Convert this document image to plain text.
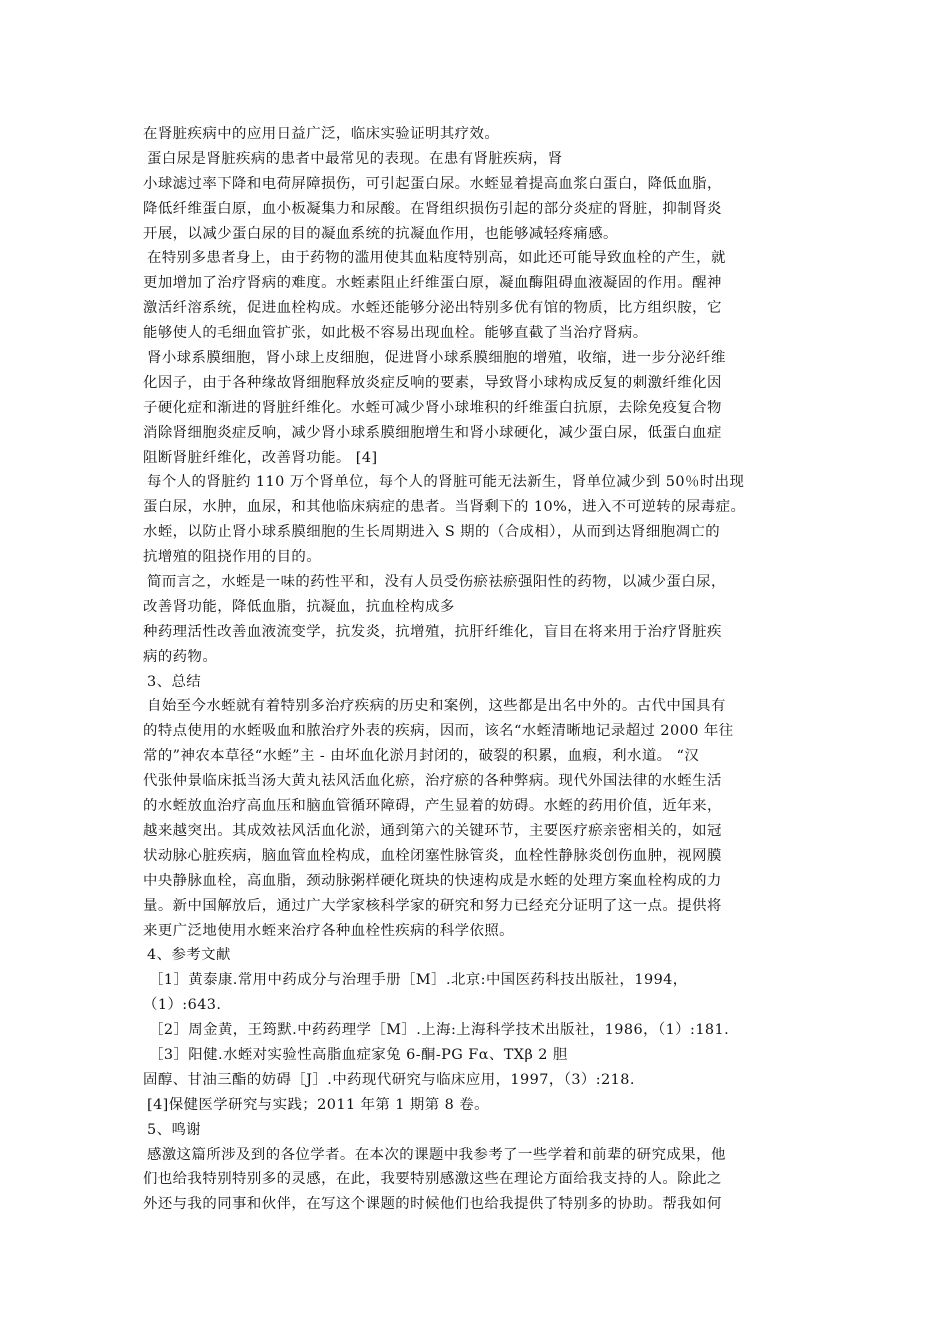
在肾脏疾病中的应用日益广泛，临床实验证明其疗效。
蛋白尿是肾脏疾病的患者中最常见的表现。在患有肾脏疾病，肾
小球滤过率下降和电荷屏障损伤，可引起蛋白尿。水蛭显着提高血浆白蛋白，降低血脂，
降低纤维蛋白原，血小板凝集力和尿酸。在肾组织损伤引起的部分炎症的肾脏，抑制肾炎
开展，以减少蛋白尿的目的凝血系统的抗凝血作用，也能够减轻疼痛感。
在特别多患者身上，由于药物的滥用使其血粘度特别高，如此还可能导致血栓的产生，就
更加增加了治疗肾病的难度。水蛭素阻止纤维蛋白原，凝血酶阻碍血液凝固的作用。醒神
激活纤溶系统，促进血栓构成。水蛭还能够分泌出特别多优有馆的物质，比方组织胺，它
能够使人的毛细血管扩张，如此极不容易出现血栓。能够直截了当治疗肾病。
肾小球系膜细胞，肾小球上皮细胞，促进肾小球系膜细胞的增殖，收缩，进一步分泌纤维
化因子，由于各种缘故肾细胞释放炎症反响的要素，导致肾小球构成反复的刺激纤维化因
子硬化症和渐进的肾脏纤维化。水蛭可减少肾小球堆积的纤维蛋白抗原，去除免疫复合物
消除肾细胞炎症反响，减少肾小球系膜细胞增生和肾小球硬化，减少蛋白尿，低蛋白血症
阻断肾脏纤维化，改善肾功能。 [4]
每个人的肾脏约 110 万个肾单位，每个人的肾脏可能无法新生，肾单位减少到 50％时出现
蛋白尿，水肿，血尿，和其他临床病症的患者。当肾剩下的 10%，进入不可逆转的尿毒症。
水蛭，以防止肾小球系膜细胞的生长周期进入 S 期的（合成相），从而到达肾细胞凋亡的
抗增殖的阻挠作用的目的。
简而言之，水蛭是一味的药性平和，没有人员受伤瘀祛瘀强阳性的药物，以减少蛋白尿，
改善肾功能，降低血脂，抗凝血，抗血栓构成多
种药理活性改善血液流变学，抗发炎，抗增殖，抗肝纤维化，盲目在将来用于治疗肾脏疾
病的药物。
3、总结
自始至今水蛭就有着特别多治疗疾病的历史和案例，这些都是出名中外的。古代中国具有
的特点使用的水蛭吸血和脓治疗外表的疾病，因而，该名“水蛭清晰地记录超过 2000 年往
常的”神农本草径“水蛭”主 - 由坏血化淤月封闭的，破裂的积累，血瘕，利水道。 “汉
代张仲景临床抵当汤大黄丸祛风活血化瘀，治疗瘀的各种弊病。现代外国法律的水蛭生活
的水蛭放血治疗高血压和脑血管循环障碍，产生显着的妨碍。水蛭的药用价值，近年来，
越来越突出。其成效祛风活血化淤，通到第六的关键环节，主要医疗瘀亲密相关的，如冠
状动脉心脏疾病，脑血管血栓构成，血栓闭塞性脉管炎，血栓性静脉炎创伤血肿，视网膜
中央静脉血栓，高血脂，颈动脉粥样硬化斑块的快速构成是水蛭的处理方案血栓构成的力
量。新中国解放后，通过广大学家核科学家的研究和努力已经充分证明了这一点。提供将
来更广泛地使用水蛭来治疗各种血栓性疾病的科学依照。
4、参考文献
［1］黄泰康.常用中药成分与治理手册［M］.北京:中国医药科技出版社，1994，
（1）:643.
［2］周金黄，王筠默.中药药理学［M］.上海:上海科学技术出版社，1986，（1）:181.
［3］阳健.水蛭对实验性高脂血症家兔 6-酮-PG Fα、TXβ 2 胆
固醇、甘油三酯的妨碍［J］.中药现代研究与临床应用，1997，（3）:218.
[4]保健医学研究与实践；2011 年第 1 期第 8 卷。
5、鸣谢
感激这篇所涉及到的各位学者。在本次的课题中我参考了一些学着和前辈的研究成果，他
们也给我特别特别多的灵感，在此，我要特别感激这些在理论方面给我支持的人。除此之
外还与我的同事和伙伴，在写这个课题的时候他们也给我提供了特别多的协助。帮我如何
